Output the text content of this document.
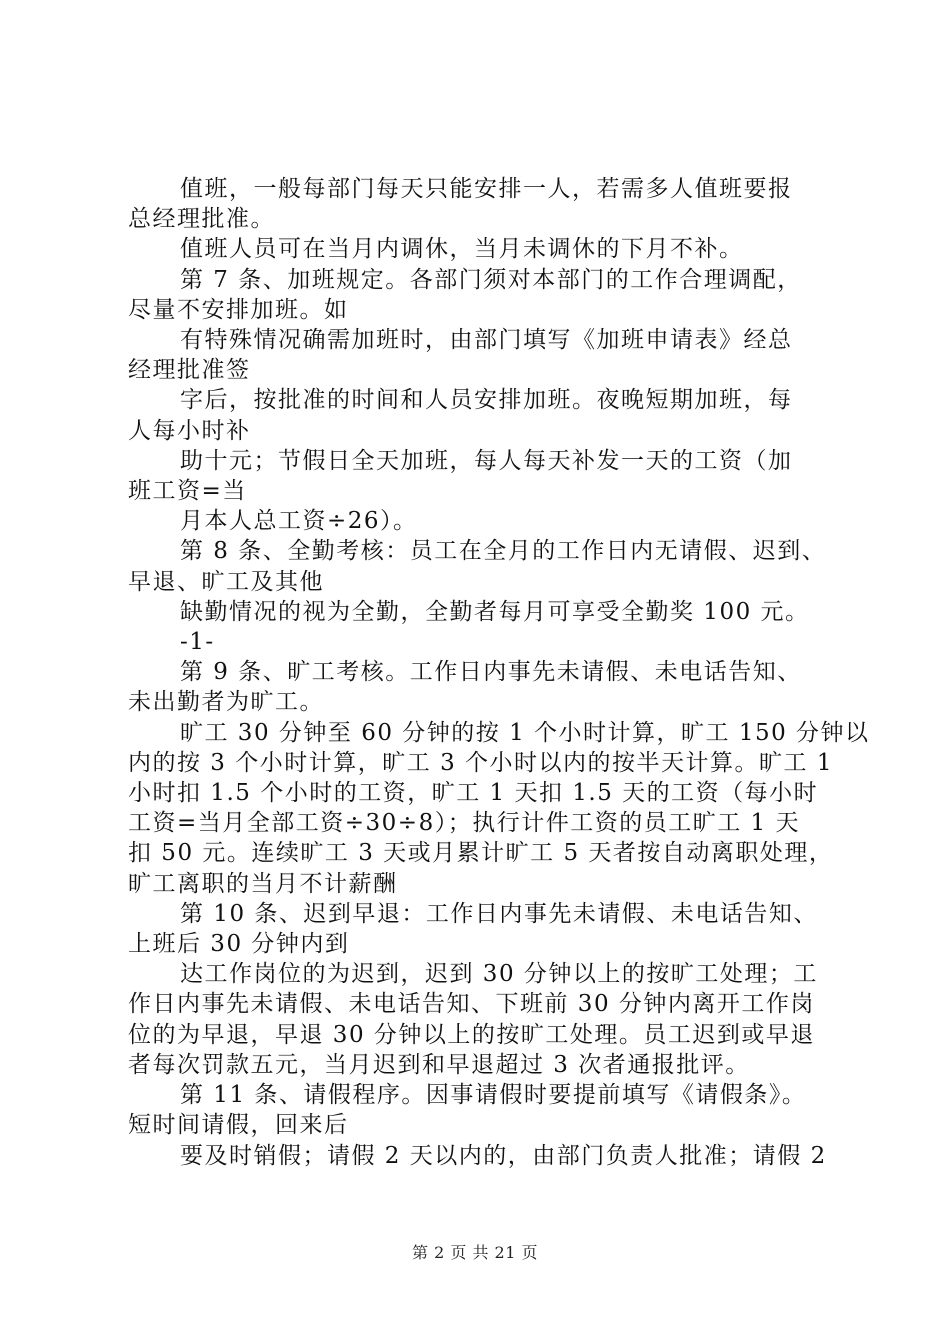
值班，一般每部门每天只能安排一人，若需多人值班要报
总经理批准。
值班人员可在当月内调休，当月未调休的下月不补。
第 7 条、加班规定。各部门须对本部门的工作合理调配，
尽量不安排加班。如
有特殊情况确需加班时，由部门填写《加班申请表》经总
经理批准签
字后，按批准的时间和人员安排加班。夜晚短期加班，每
人每小时补
助十元；节假日全天加班，每人每天补发一天的工资（加
班工资=当
月本人总工资÷26）。
第 8 条、全勤考核：员工在全月的工作日内无请假、迟到、
早退、旷工及其他
缺勤情况的视为全勤，全勤者每月可享受全勤奖 100 元。
-1-
第 9 条、旷工考核。工作日内事先未请假、未电话告知、
未出勤者为旷工。
旷工 30 分钟至 60 分钟的按 1 个小时计算，旷工 150 分钟以
内的按 3 个小时计算，旷工 3 个小时以内的按半天计算。旷工 1
小时扣 1.5 个小时的工资，旷工 1 天扣 1.5 天的工资（每小时
工资=当月全部工资÷30÷8）；执行计件工资的员工旷工 1 天
扣 50 元。连续旷工 3 天或月累计旷工 5 天者按自动离职处理，
旷工离职的当月不计薪酬
第 10 条、迟到早退：工作日内事先未请假、未电话告知、
上班后 30 分钟内到
达工作岗位的为迟到，迟到 30 分钟以上的按旷工处理；工
作日内事先未请假、未电话告知、下班前 30 分钟内离开工作岗
位的为早退，早退 30 分钟以上的按旷工处理。员工迟到或早退
者每次罚款五元，当月迟到和早退超过 3 次者通报批评。
第 11 条、请假程序。因事请假时要提前填写《请假条》。
短时间请假，回来后
要及时销假；请假 2 天以内的，由部门负责人批准；请假 2
第 2 页 共 21 页
